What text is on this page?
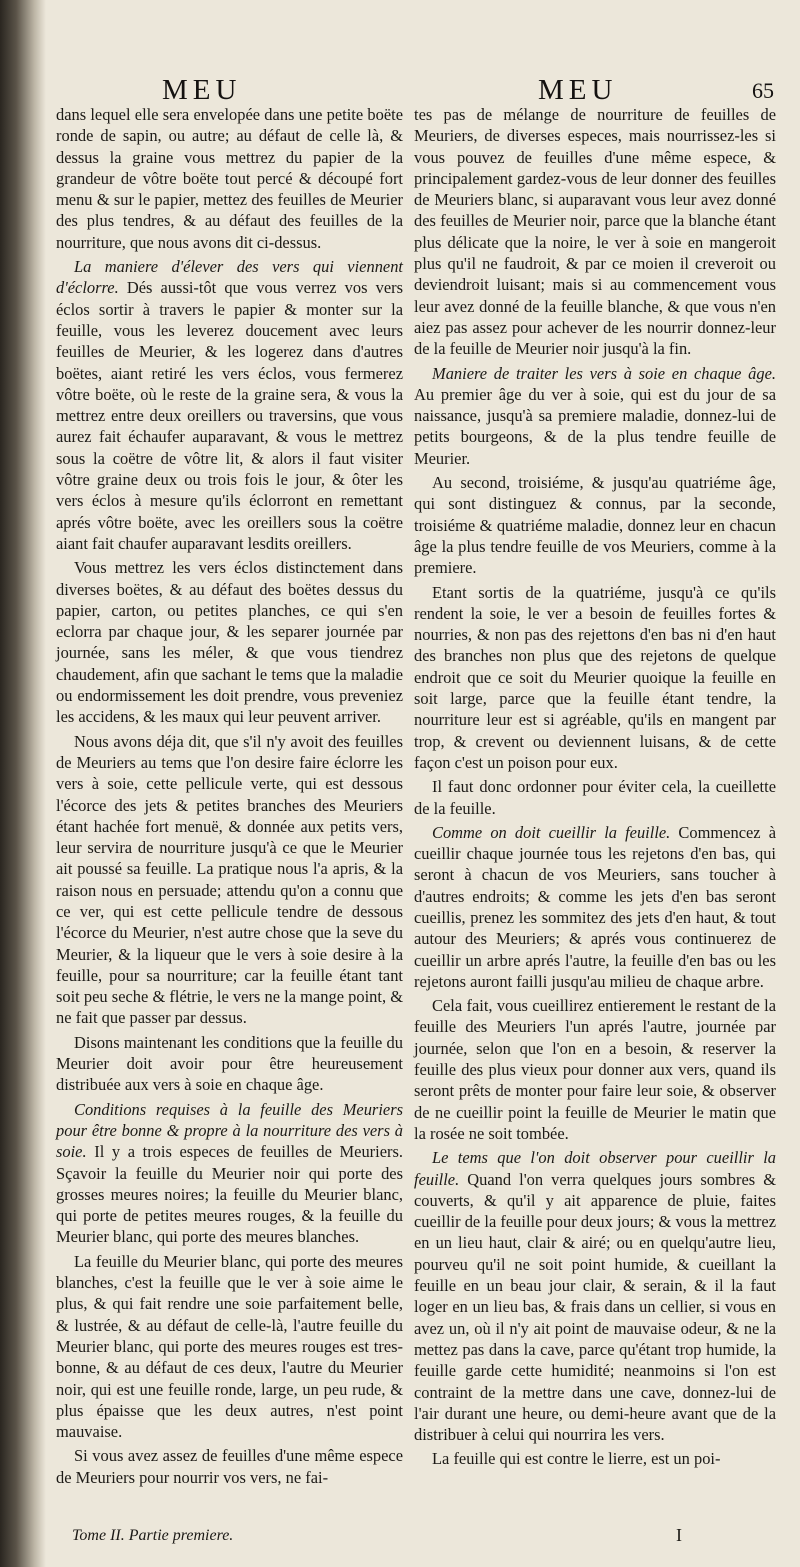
MEU	MEU	65

dans lequel elle sera envelopée dans une petite boëte ronde de sapin, ou autre; au défaut de celle là, & dessus la graine vous mettrez du papier de la grandeur de vôtre boëte tout percé & découpé fort menu & sur le papier, mettez des feuilles de Meurier des plus tendres, & au défaut des feuilles de la nourriture, que nous avons dit ci-dessus.

La maniere d'élever des vers qui viennent d'éclorre. Dés aussi-tôt que vous verrez vos vers éclos sortir à travers le papier & monter sur la feuille, vous les leverez doucement avec leurs feuilles de Meurier, & les logerez dans d'autres boëtes, aiant retiré les vers éclos, vous fermerez vôtre boëte, où le reste de la graine sera, & vous la mettrez entre deux oreillers ou traversins, que vous aurez fait échaufer auparavant, & vous le mettrez sous la coëtre de vôtre lit, & alors il faut visiter vôtre graine deux ou trois fois le jour, & ôter les vers éclos à mesure qu'ils éclorront en remettant aprés vôtre boëte, avec les oreillers sous la coëtre aiant fait chaufer auparavant lesdits oreillers.

Vous mettrez les vers éclos distinctement dans diverses boëtes, & au défaut des boëtes dessus du papier, carton, ou petites planches, ce qui s'en eclorra par chaque jour, & les separer journée par journée, sans les méler, & que vous tiendrez chaudement, afin que sachant le tems que la maladie ou endormissement les doit prendre, vous preveniez les accidens, & les maux qui leur peuvent arriver.

Nous avons déja dit, que s'il n'y avoit des feuilles de Meuriers au tems que l'on desire faire éclorre les vers à soie, cette pellicule verte, qui est dessous l'écorce des jets & petites branches des Meuriers étant hachée fort menuë, & donnée aux petits vers, leur servira de nourriture jusqu'à ce que le Meurier ait poussé sa feuille. La pratique nous l'a apris, & la raison nous en persuade; attendu qu'on a connu que ce ver, qui est cette pellicule tendre de dessous l'écorce du Meurier, n'est autre chose que la seve du Meurier, & la liqueur que le vers à soie desire à la feuille, pour sa nourriture; car la feuille étant tant soit peu seche & flétrie, le vers ne la mange point, & ne fait que passer par dessus.

Disons maintenant les conditions que la feuille du Meurier doit avoir pour être heureusement distribuée aux vers à soie en chaque âge.

Conditions requises à la feuille des Meuriers pour être bonne & propre à la nourriture des vers à soie. Il y a trois especes de feuilles de Meuriers. Sçavoir la feuille du Meurier noir qui porte des grosses meures noires; la feuille du Meurier blanc, qui porte de petites meures rouges, & la feuille du Meurier blanc, qui porte des meures blanches.

La feuille du Meurier blanc, qui porte des meures blanches, c'est la feuille que le ver à soie aime le plus, & qui fait rendre une soie parfaitement belle, & lustrée, & au défaut de celle-là, l'autre feuille du Meurier blanc, qui porte des meures rouges est tres-bonne, & au défaut de ces deux, l'autre du Meurier noir, qui est une feuille ronde, large, un peu rude, & plus épaisse que les deux autres, n'est point mauvaise.

Si vous avez assez de feuilles d'une même espece de Meuriers pour nourrir vos vers, ne fai-

tes pas de mélange de nourriture de feuilles de Meuriers, de diverses especes, mais nourrissez-les si vous pouvez de feuilles d'une même espece, & principalement gardez-vous de leur donner des feuilles de Meuriers blanc, si auparavant vous leur avez donné des feuilles de Meurier noir, parce que la blanche étant plus délicate que la noire, le ver à soie en mangeroit plus qu'il ne faudroit, & par ce moien il creveroit ou deviendroit luisant; mais si au commencement vous leur avez donné de la feuille blanche, & que vous n'en aiez pas assez pour achever de les nourrir donnez-leur de la feuille de Meurier noir jusqu'à la fin.

Maniere de traiter les vers à soie en chaque âge. Au premier âge du ver à soie, qui est du jour de sa naissance, jusqu'à sa premiere maladie, donnez-lui de petits bourgeons, & de la plus tendre feuille de Meurier.

Au second, troisiéme, & jusqu'au quatriéme âge, qui sont distinguez & connus, par la seconde, troisiéme & quatriéme maladie, donnez leur en chacun âge la plus tendre feuille de vos Meuriers, comme à la premiere.

Etant sortis de la quatriéme, jusqu'à ce qu'ils rendent la soie, le ver a besoin de feuilles fortes & nourries, & non pas des rejettons d'en bas ni d'en haut des branches non plus que des rejetons de quelque endroit que ce soit du Meurier quoique la feuille en soit large, parce que la feuille étant tendre, la nourriture leur est si agréable, qu'ils en mangent par trop, & crevent ou deviennent luisans, & de cette façon c'est un poison pour eux.

Il faut donc ordonner pour éviter cela, la cueillette de la feuille.

Comme on doit cueillir la feuille. Commencez à cueillir chaque journée tous les rejetons d'en bas, qui seront à chacun de vos Meuriers, sans toucher à d'autres endroits; & comme les jets d'en bas seront cueillis, prenez les sommitez des jets d'en haut, & tout autour des Meuriers; & aprés vous continuerez de cueillir un arbre aprés l'autre, la feuille d'en bas ou les rejetons auront failli jusqu'au milieu de chaque arbre.

Cela fait, vous cueillirez entierement le restant de la feuille des Meuriers l'un aprés l'autre, journée par journée, selon que l'on en a besoin, & reserver la feuille des plus vieux pour donner aux vers, quand ils seront prêts de monter pour faire leur soie, & observer de ne cueillir point la feuille de Meurier le matin que la rosée ne soit tombée.

Le tems que l'on doit observer pour cueillir la feuille. Quand l'on verra quelques jours sombres & couverts, & qu'il y ait apparence de pluie, faites cueillir de la feuille pour deux jours; & vous la mettrez en un lieu haut, clair & airé; ou en quelqu'autre lieu, pourveu qu'il ne soit point humide, & cueillant la feuille en un beau jour clair, & serain, & il la faut loger en un lieu bas, & frais dans un cellier, si vous en avez un, où il n'y ait point de mauvaise odeur, & ne la mettez pas dans la cave, parce qu'étant trop humide, la feuille garde cette humidité; neanmoins si l'on est contraint de la mettre dans une cave, donnez-lui de l'air durant une heure, ou demi-heure avant que de la distribuer à celui qui nourrira les vers.

La feuille qui est contre le lierre, est un poi-

Tome II. Partie premiere.	I
